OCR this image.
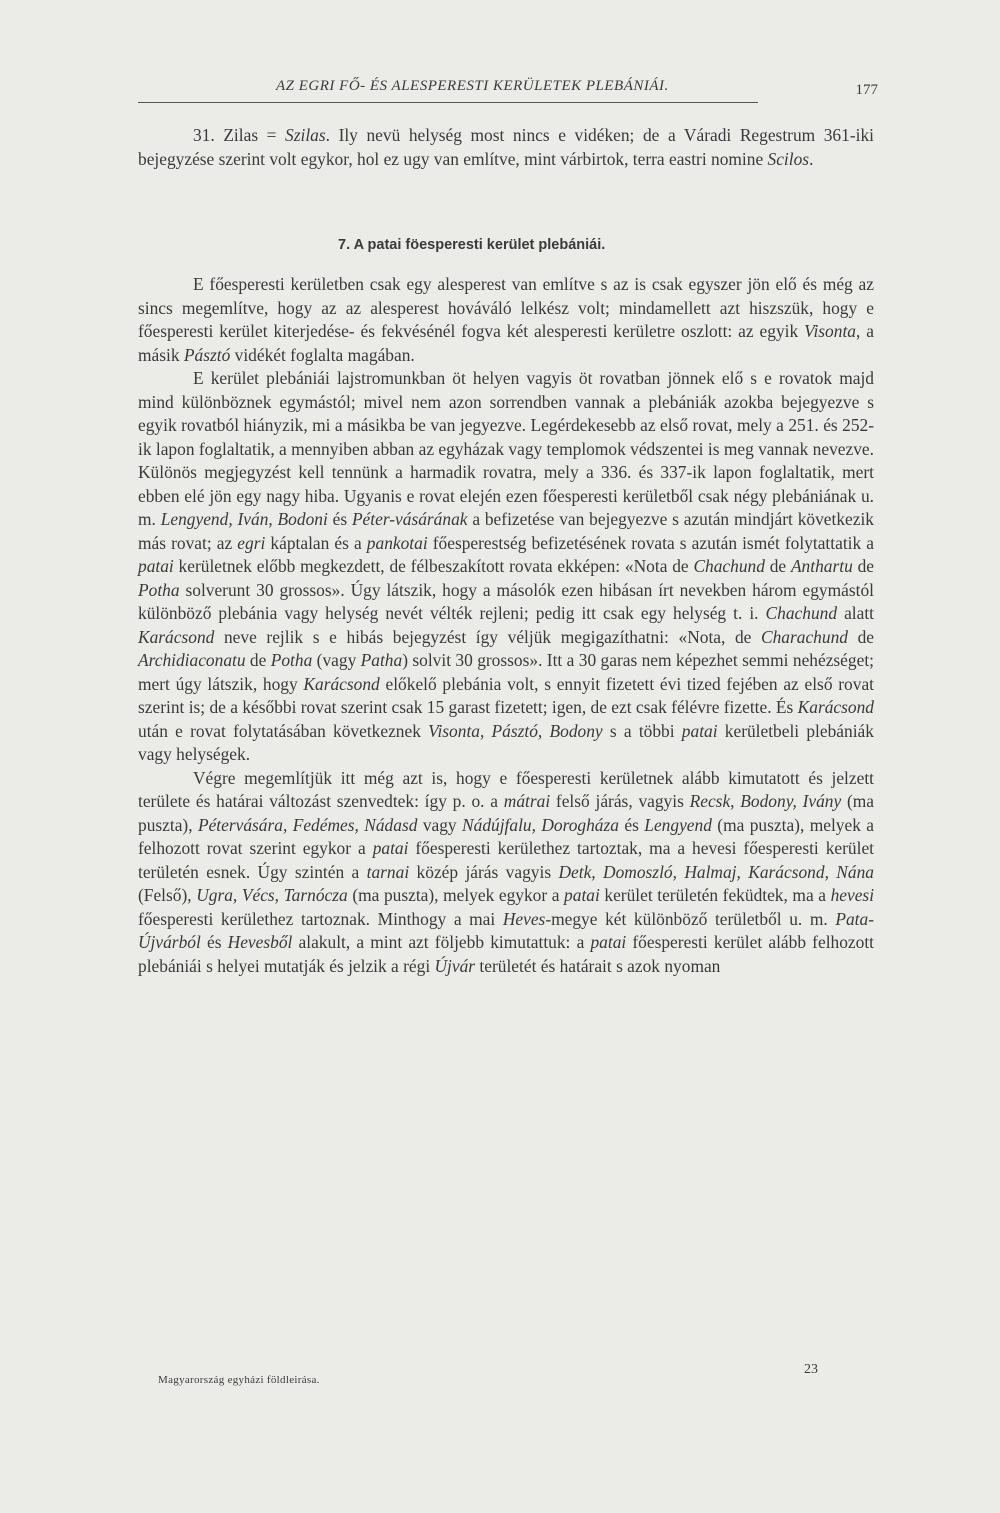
AZ EGRI FŐ- ÉS ALESPERESTI KERÜLETEK PLEBÁNIÁI.	177

31. Zilas = Szilas. Ily nevü helység most nincs e vidéken; de a Váradi Regestrum 361-iki bejegyzése szerint volt egykor, hol ez ugy van említve, mint várbirtok, terra eastri nomine Scilos.

7. A patai föesperesti kerület plebániái.

E főesperesti kerületben csak egy alesperest van említve s az is csak egyszer jön elő és még az sincs megemlítve, hogy az az alesperest hováváló lelkész volt; mindamellett azt hiszszük, hogy e főesperesti kerület kiterjedése- és fekvésénél fogva két alesperesti kerületre oszlott: az egyik Visonta, a másik Pásztó vidékét foglalta magában.

E kerület plebániái lajstromunkban öt helyen vagyis öt rovatban jönnek elő s e rovatok majd mind különböznek egymástól; mivel nem azon sorrendben vannak a plebániák azokba bejegyezve s egyik rovatból hiányzik, mi a másikba be van jegyezve. Legérdekesebb az első rovat, mely a 251. és 252-ik lapon foglaltatik, a mennyiben abban az egyházak vagy templomok védszentei is meg vannak nevezve. Különös megjegyzést kell tennünk a harmadik rovatra, mely a 336. és 337-ik lapon foglaltatik, mert ebben elé jön egy nagy hiba. Ugyanis e rovat elején ezen főesperesti kerületből csak négy plebániának u. m. Lengyend, Iván, Bodoni és Péter-vásárának a befizetése van bejegyezve s azután mindjárt következik más rovat; az egri káptalan és a pankotai főesperestség befizetésének rovata s azután ismét folytattatik a patai kerületnek előbb megkezdett, de félbeszakított rovata ekképen: «Nota de Chachund de Anthartu de Potha solverunt 30 grossos». Úgy látszik, hogy a másolók ezen hibásan írt nevekben három egymástól különböző plebánia vagy helység nevét vélték rejleni; pedig itt csak egy helység t. i. Chachund alatt Karácsond neve rejlik s e hibás bejegyzést így véljük megigazíthatni: «Nota, de Charachund de Archidiaconatu de Potha (vagy Patha) solvit 30 grossos». Itt a 30 garas nem képezhet semmi nehézséget; mert úgy látszik, hogy Karácsond előkelő plebánia volt, s ennyit fizetett évi tized fejében az első rovat szerint is; de a későbbi rovat szerint csak 15 garast fizetett; igen, de ezt csak félévre fizette. És Karácsond után e rovat folytatásában következnek Visonta, Pásztó, Bodony s a többi patai kerületbeli plebániák vagy helységek.

Végre megemlítjük itt még azt is, hogy e főesperesti kerületnek alább kimutatott és jelzett területe és határai változást szenvedtek: így p. o. a mátrai felső járás, vagyis Recsk, Bodony, Ivány (ma puszta), Pétervására, Fedémes, Nádasd vagy Nádújfalu, Dorogháza és Lengyend (ma puszta), melyek a felhozott rovat szerint egykor a patai főesperesti kerülethez tartoztak, ma a hevesi főesperesti kerület területén esnek. Úgy szintén a tarnai közép járás vagyis Detk, Domoszló, Halmaj, Karácsond, Nána (Felső), Ugra, Vécs, Tarnócza (ma puszta), melyek egykor a patai kerület területén feküdtek, ma a hevesi főesperesti kerülethez tartoznak. Minthogy a mai Heves-megye két különböző területből u. m. Pata-Újvárból és Hevesből alakult, a mint azt följebb kimutattuk: a patai főesperesti kerület alább felhozott plebániái s helyei mutatják és jelzik a régi Újvár területét és határait s azok nyoman

Magyarország egyházi földleirása.
23
